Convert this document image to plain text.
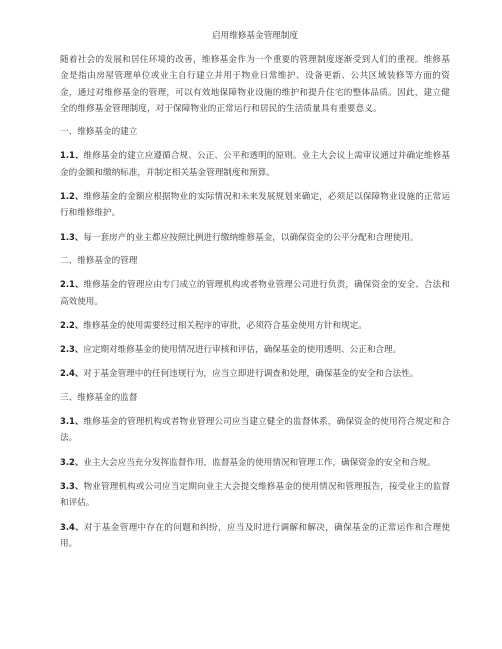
启用维修基金管理制度

随着社会的发展和居住环境的改善，维修基金作为一个重要的管理制度逐渐受到人们的重视。维修基金是指由房屋管理单位或业主自行建立并用于物业日常维护、设备更新、公共区域装修等方面的资金，通过对维修基金的管理，可以有效地保障物业设施的维护和提升住宅的整体品质。因此，建立健全的维修基金管理制度，对于保障物业的正常运行和居民的生活质量具有重要意义。

一、维修基金的建立

1.1、维修基金的建立应遵循合规、公正、公平和透明的原则。业主大会议上需审议通过并确定维修基金的金额和缴纳标准，并制定相关基金管理制度和预算。

1.2、维修基金的金额应根据物业的实际情况和未来发展规划来确定，必须足以保障物业设施的正常运行和维修维护。

1.3、每一套房产的业主都应按照比例进行缴纳维修基金，以确保资金的公平分配和合理使用。

二、维修基金的管理

2.1、维修基金的管理应由专门成立的管理机构或者物业管理公司进行负责，确保资金的安全、合法和高效使用。

2.2、维修基金的使用需要经过相关程序的审批，必须符合基金使用方针和规定。

2.3、应定期对维修基金的使用情况进行审核和评估，确保基金的使用透明、公正和合理。

2.4、对于基金管理中的任何违规行为，应当立即进行调查和处理，确保基金的安全和合法性。

三、维修基金的监督

3.1、维修基金的管理机构或者物业管理公司应当建立健全的监督体系，确保资金的使用符合规定和合法。

3.2、业主大会应当充分发挥监督作用，监督基金的使用情况和管理工作，确保资金的安全和合规。

3.3、物业管理机构或公司应当定期向业主大会提交维修基金的使用情况和管理报告，接受业主的监督和评估。

3.4、对于基金管理中存在的问题和纠纷，应当及时进行调解和解决，确保基金的正常运作和合理使用。
